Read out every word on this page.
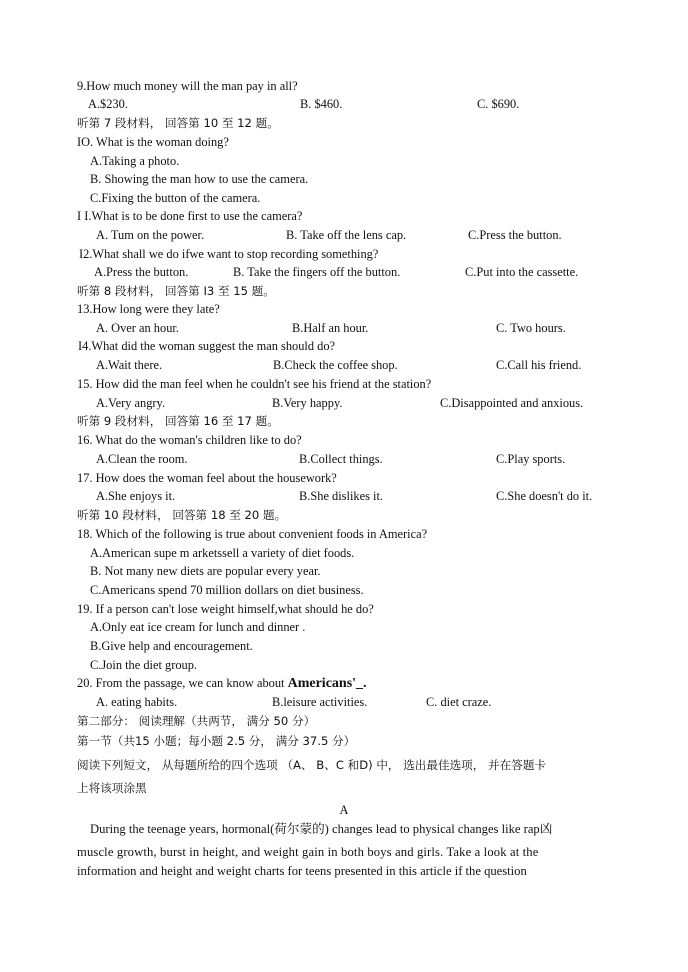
9.How much money will the man pay in all?
A.$230.	B. $460.	C. $690.
听第 7 段材料， 回答第 10 至 12 题。
IO. What is the woman doing?
A.Taking a photo.
B. Showing the man how to use the camera.
C.Fixing the button of the camera.
I I.What is to be done first to use the camera?
A. Tum on the power.	B. Take off the lens cap.	C.Press the button.
I2.What shall we do ifwe want to stop recording something?
A.Press the button.	B. Take the fingers off the button.	C.Put into the cassette.
听第 8 段材料， 回答第 I3 至 15 题。
13.How long were they late?
A. Over an hour.	B.Half an hour.	C. Two hours.
I4.What did the woman suggest the man should do?
A.Wait there.	B.Check the coffee shop.	C.Call his friend.
15. How did the man feel when he couldn't see his friend at the station?
A.Very angry.	B.Very happy.	C.Disappointed and anxious.
听第 9 段材料， 回答第 16 至 17 题。
16. What do the woman's children like to do?
A.Clean the room.	B.Collect things.	C.Play sports.
17. How does the woman feel about the housework?
A.She enjoys it.	B.She dislikes it.	C.She doesn't do it.
听第 10 段材料， 回答第 18 至 20 题。
18. Which of the following is true about convenient foods in America?
A.American supe m arketssell a variety of diet foods.
B. Not many new diets are popular every year.
C.Americans spend 70 million dollars on diet business.
19. If a person can't lose weight himself,what should he do?
A.Only eat ice cream for lunch and dinner .
B.Give help and encouragement.
C.Join the diet group.
20. From the passage, we can know about Americans'_.
A. eating habits.	B.leisure activities.	C. diet craze.
第二部分： 阅读理解（共两节， 满分 50 分）
第一节（共15 小题；每小题 2.5 分， 满分 37.5 分）
阅读下列短文， 从每题所给的四个选项 （A、 B、C 和D) 中， 选出最佳选项， 并在答题卡
上将该项涂黑
A
During the teenage years, hormonal(荷尔蒙的) changes lead to physical changes like rap凶
muscle growth, burst in height, and weight gain in both boys and girls. Take a look at the
information and height and weight charts for teens presented in this article if the question
